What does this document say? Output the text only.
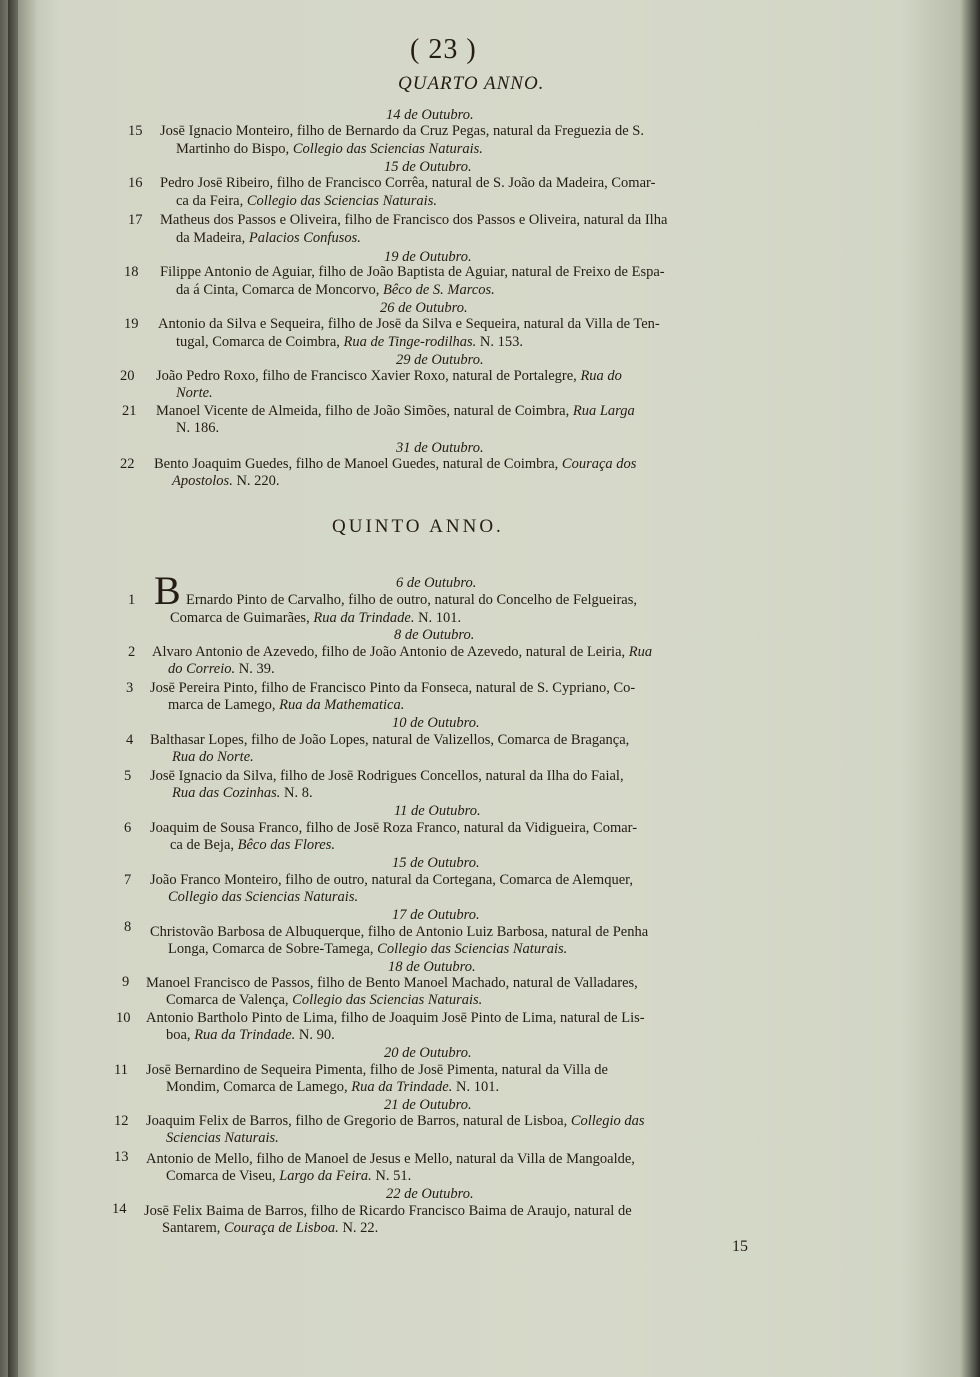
( 23 )
QUARTO ANNO.
14 de Outubro.
15 Josē Ignacio Monteiro, filho de Bernardo da Cruz Pegas, natural da Freguezia de S.
Martinho do Bispo, Collegio das Sciencias Naturais.
15 de Outubro.
16 Pedro Josē Ribeiro, filho de Francisco Corrêa, natural de S. João da Madeira, Comar-
ca da Feira, Collegio das Sciencias Naturais.
17 Matheus dos Passos e Oliveira, filho de Francisco dos Passos e Oliveira, natural da Ilha
da Madeira, Palacios Confusos.
19 de Outubro.
18 Filippe Antonio de Aguiar, filho de João Baptista de Aguiar, natural de Freixo de Espa-
da á Cinta, Comarca de Moncorvo, Bêco de S. Marcos.
26 de Outubro.
19 Antonio da Silva e Sequeira, filho de Josē da Silva e Sequeira, natural da Villa de Ten-
tugal, Comarca de Coimbra, Rua de Tinge-rodilhas. N. 153.
29 de Outubro.
20 João Pedro Roxo, filho de Francisco Xavier Roxo, natural de Portalegre, Rua do
Norte.
21 Manoel Vicente de Almeida, filho de João Simões, natural de Coimbra, Rua Larga
N. 186.
31 de Outubro.
22 Bento Joaquim Guedes, filho de Manoel Guedes, natural de Coimbra, Couraça dos
Apostolos. N. 220.
QUINTO ANNO.
6 de Outubro.
1 B Ernardo Pinto de Carvalho, filho de outro, natural do Concelho de Felgueiras,
Comarca de Guimarães, Rua da Trindade. N. 101.
8 de Outubro.
2 Alvaro Antonio de Azevedo, filho de João Antonio de Azevedo, natural de Leiria, Rua
do Correio. N. 39.
3 Josē Pereira Pinto, filho de Francisco Pinto da Fonseca, natural de S. Cypriano, Co-
marca de Lamego, Rua da Mathematica.
10 de Outubro.
4 Balthasar Lopes, filho de João Lopes, natural de Valizellos, Comarca de Bragança,
Rua do Norte.
5 Josē Ignacio da Silva, filho de Josē Rodrigues Concellos, natural da Ilha do Faial,
Rua das Cozinhas. N. 8.
11 de Outubro.
6 Joaquim de Sousa Franco, filho de Josē Roza Franco, natural da Vidigueira, Comar-
ca de Beja, Bêco das Flores.
15 de Outubro.
7 João Franco Monteiro, filho de outro, natural da Cortegana, Comarca de Alemquer,
Collegio das Sciencias Naturais.
17 de Outubro.
8 Christovão Barbosa de Albuquerque, filho de Antonio Luiz Barbosa, natural de Penha
Longa, Comarca de Sobre-Tamega, Collegio das Sciencias Naturais.
18 de Outubro.
9 Manoel Francisco de Passos, filho de Bento Manoel Machado, natural de Valladares,
Comarca de Valença, Collegio das Sciencias Naturais.
10 Antonio Bartholo Pinto de Lima, filho de Joaquim Josē Pinto de Lima, natural de Lis-
boa, Rua da Trindade. N. 90.
20 de Outubro.
11 Josē Bernardino de Sequeira Pimenta, filho de Josē Pimenta, natural da Villa de
Mondim, Comarca de Lamego, Rua da Trindade. N. 101.
21 de Outubro.
12 Joaquim Felix de Barros, filho de Gregorio de Barros, natural de Lisboa, Collegio das
Sciencias Naturais.
13 Antonio de Mello, filho de Manoel de Jesus e Mello, natural da Villa de Mangoalde,
Comarca de Viseu, Largo da Feira. N. 51.
22 de Outubro.
14 Josē Felix Baima de Barros, filho de Ricardo Francisco Baima de Araujo, natural de
Santarem, Couraça de Lisboa. N. 22.
15
